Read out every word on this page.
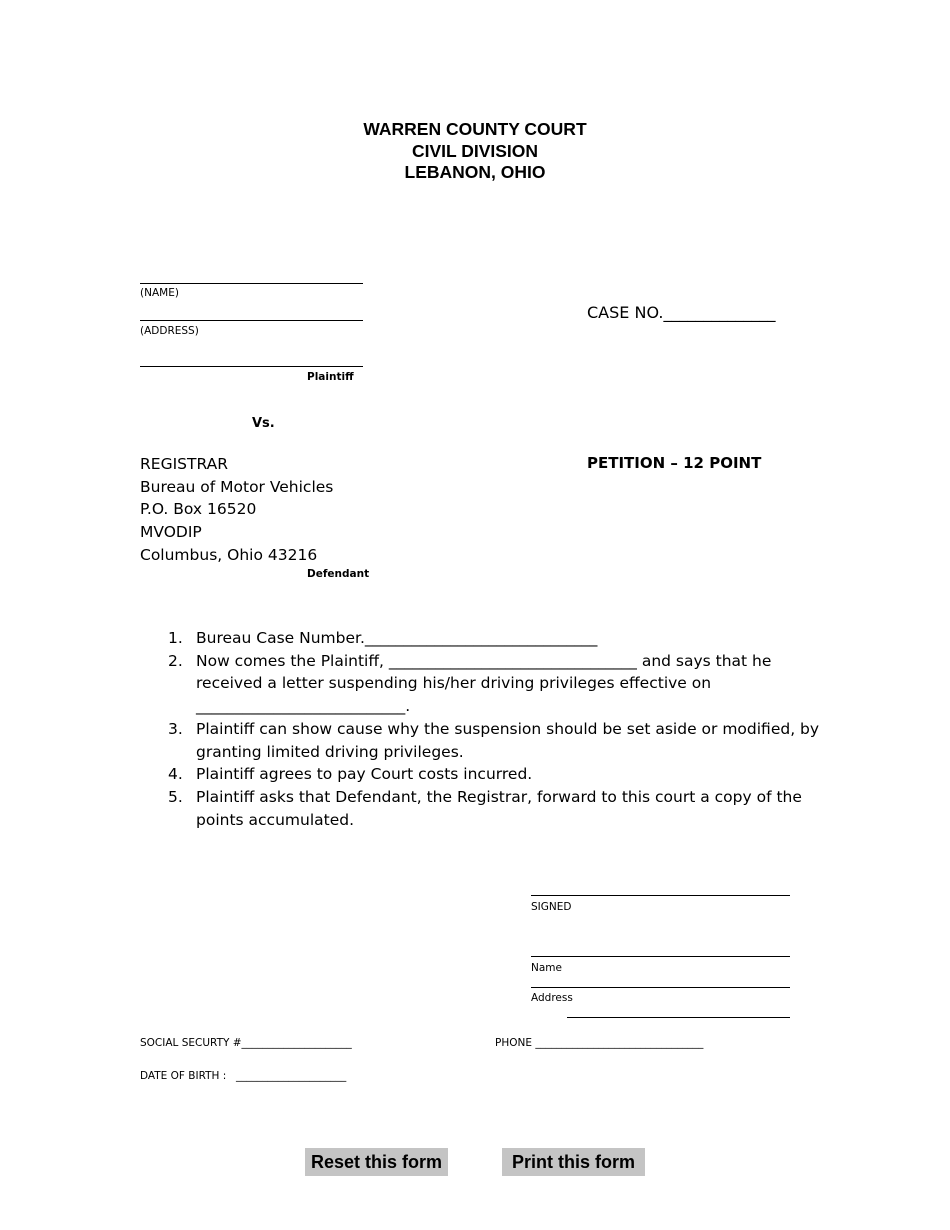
WARREN COUNTY COURT
CIVIL DIVISION
LEBANON, OHIO
(NAME)
(ADDRESS)
Plaintiff
CASE NO.______________
Vs.
REGISTRAR
Bureau of Motor Vehicles
P.O. Box 16520
MVODIP
Columbus, Ohio 43216
Defendant
PETITION – 12 POINT
1. Bureau Case Number.______________________________
2. Now comes the Plaintiff, ________________________________ and says that he received a letter suspending his/her driving privileges effective on ___________________________.
3. Plaintiff can show cause why the suspension should be set aside or modified, by granting limited driving privileges.
4. Plaintiff agrees to pay Court costs incurred.
5. Plaintiff asks that Defendant, the Registrar, forward to this court a copy of the points accumulated.
SIGNED
Name
Address
SOCIAL SECURTY #_____________________	PHONE ________________________________
DATE OF BIRTH : _____________________
Reset this form	Print this form
